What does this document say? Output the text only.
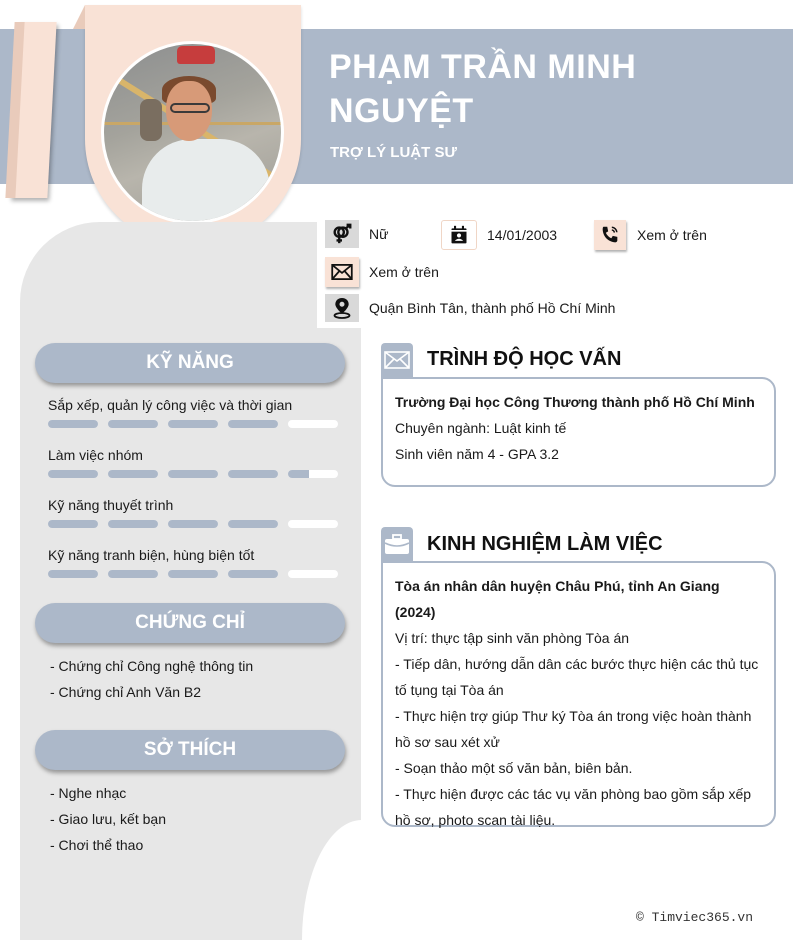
PHẠM TRẦN MINH
NGUYỆT
TRỢ LÝ LUẬT SƯ
Nữ	14/01/2003	Xem ở trên
Xem ở trên
Quận Bình Tân, thành phố Hồ Chí Minh
KỸ NĂNG
Sắp xếp, quản lý công việc và thời gian
Làm việc nhóm
Kỹ năng thuyết trình
Kỹ năng tranh biện, hùng biện tốt
CHỨNG CHỈ
- Chứng chỉ Công nghệ thông tin
- Chứng chỉ Anh Văn B2
SỞ THÍCH
- Nghe nhạc
- Giao lưu, kết bạn
- Chơi thể thao
TRÌNH ĐỘ HỌC VẤN
Trường Đại học Công Thương thành phố Hồ Chí Minh
Chuyên ngành: Luật kinh tế
Sinh viên năm 4 - GPA 3.2
KINH NGHIỆM LÀM VIỆC
Tòa án nhân dân huyện Châu Phú, tỉnh An Giang (2024)
Vị trí: thực tập sinh văn phòng Tòa án
- Tiếp dân, hướng dẫn dân các bước thực hiện các thủ tục tố tụng tại Tòa án
- Thực hiện trợ giúp Thư ký Tòa án trong việc hoàn thành hồ sơ sau xét xử
- Soạn thảo một số văn bản, biên bản.
- Thực hiện được các tác vụ văn phòng bao gồm sắp xếp hồ sơ, photo scan tài liệu.
© Timviec365.vn
